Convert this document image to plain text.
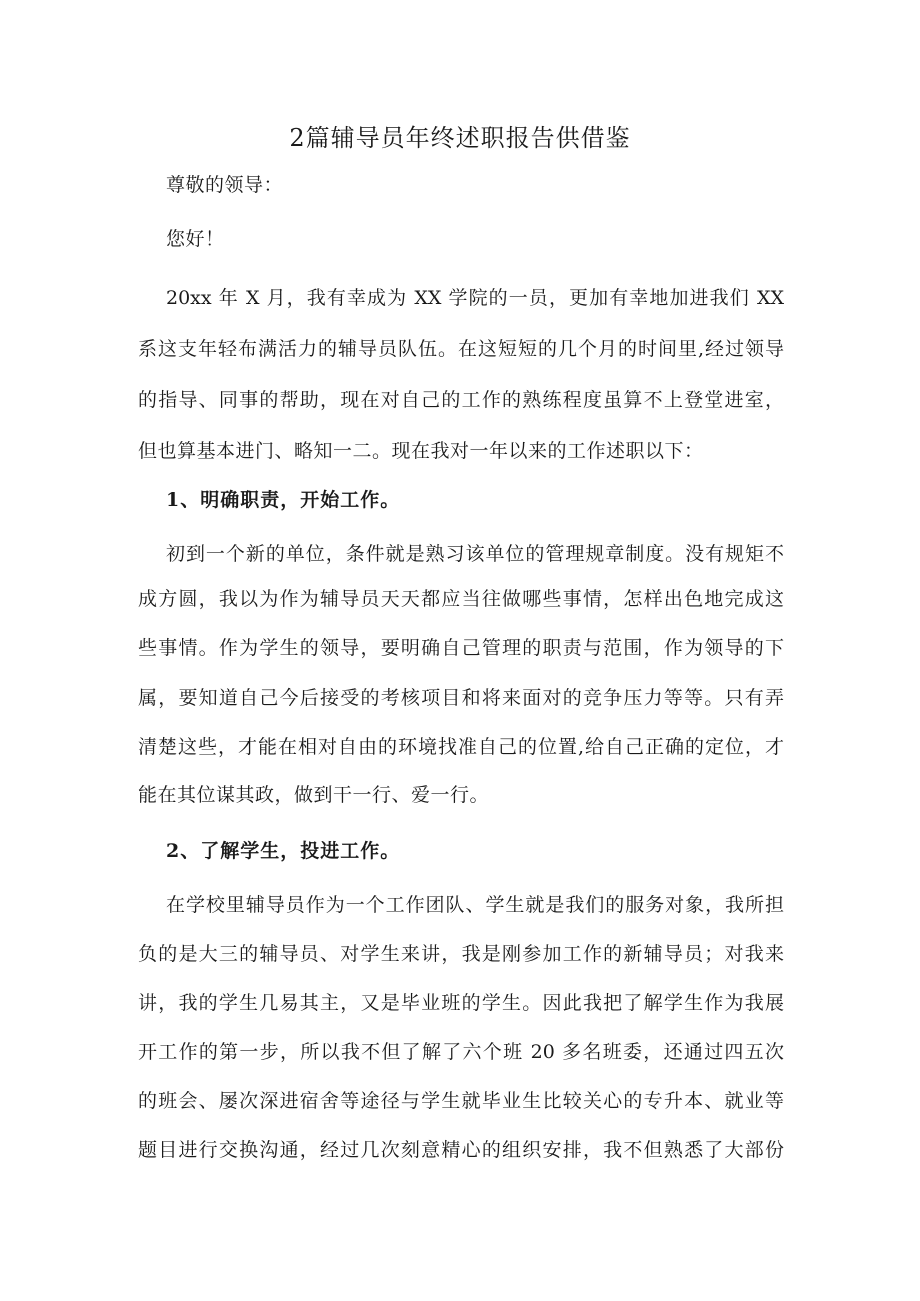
2篇辅导员年终述职报告供借鉴
尊敬的领导：
您好！
20xx 年 X 月，我有幸成为 XX 学院的一员，更加有幸地加进我们 XX
系这支年轻布满活力的辅导员队伍。在这短短的几个月的时间里,经过领导
的指导、同事的帮助，现在对自己的工作的熟练程度虽算不上登堂进室，
但也算基本进门、略知一二。现在我对一年以来的工作述职以下：
1、明确职责，开始工作。
初到一个新的单位，条件就是熟习该单位的管理规章制度。没有规矩不
成方圆，我以为作为辅导员天天都应当往做哪些事情，怎样出色地完成这
些事情。作为学生的领导，要明确自己管理的职责与范围，作为领导的下
属，要知道自己今后接受的考核项目和将来面对的竞争压力等等。只有弄
清楚这些，才能在相对自由的环境找准自己的位置,给自己正确的定位，才
能在其位谋其政，做到干一行、爱一行。
2、了解学生，投进工作。
在学校里辅导员作为一个工作团队、学生就是我们的服务对象，我所担
负的是大三的辅导员、对学生来讲，我是刚参加工作的新辅导员；对我来
讲，我的学生几易其主，又是毕业班的学生。因此我把了解学生作为我展
开工作的第一步，所以我不但了解了六个班 20 多名班委，还通过四五次
的班会、屡次深进宿舍等途径与学生就毕业生比较关心的专升本、就业等
题目进行交换沟通，经过几次刻意精心的组织安排，我不但熟悉了大部份
